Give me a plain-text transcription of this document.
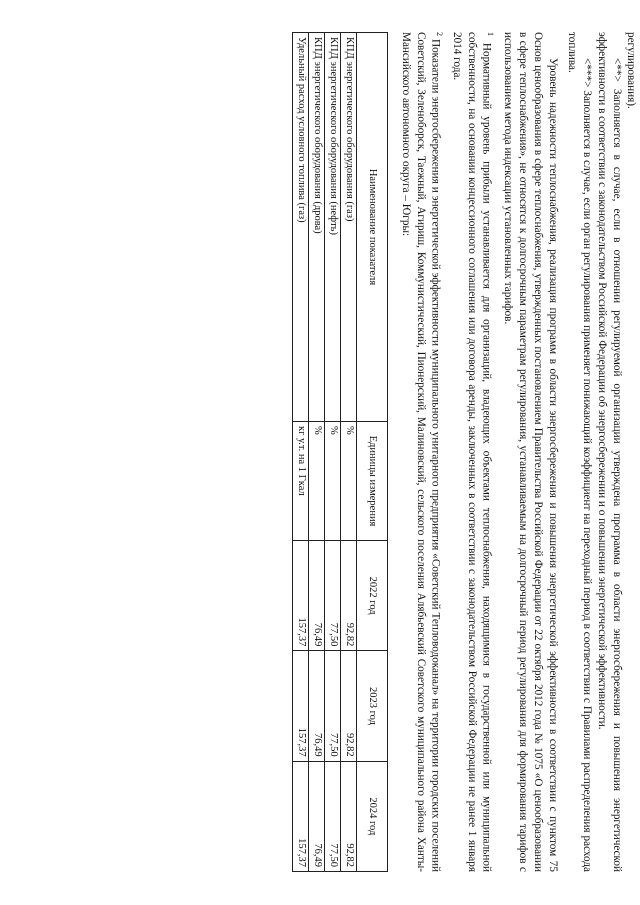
регулирования).

<**> Заполняется в случае, если в отношении регулируемой организации утверждена программа в области энергосбережения и повышения энергетической эффективности в соответствии с законодательством Российской Федерации об энергосбережении и о повышении энергетической эффективности.

<***> Заполняется в случае, если орган регулирования применяет понижающий коэффициент на переходный период в соответствии с Правилами распределения расхода топлива.

Уровень надежности теплоснабжения, реализация программ в области энергосбережения и повышения энергетической эффективности в соответствии с пунктом 75 Основ ценообразования в сфере теплоснабжения, утвержденных постановлением Правительства Российской Федерации от 22 октября 2012 года № 1075 «О ценообразовании в сфере теплоснабжения», не относятся к долгосрочным параметрам регулирования, устанавливаемым на долгосрочный период регулирования для формирования тарифов с использованием метода индексации установленных тарифов.

$^1$ Нормативный уровень прибыли устанавливается для организаций, владеющих объектами теплоснабжения, находящимися в государственной или муниципальной собственности, на основании концессионного соглашения или договора аренды, заключенных в соответствии с законодательством Российской Федерации не ранее 1 января 2014 года.

$^2$ Показатели энергосбережения и энергетической эффективности муниципального унитарного предприятия «Советский Тепловодоканал» на территории городских поселений Советский, Зеленоборск, Таежный, Агириш, Коммунистический, Пионерский, Малиновский, сельского поселения Алябьевский Советского муниципального района Ханты-Мансийского автономного округа – Югры:

Наименование показателя	Единицы измерения	2022 год	2023 год	2024 год
КПД энергетического оборудования (газ)	%	92,82	92,82	92,82
КПД энергетического оборудования (нефть)	%	77,50	77,50	77,50
КПД энергетического оборудования (дрова)	%	76,49	76,49	76,49
Удельный расход условного топлива (газ)	кг у.т. на 1 Гкал	157,37	157,37	157,37
